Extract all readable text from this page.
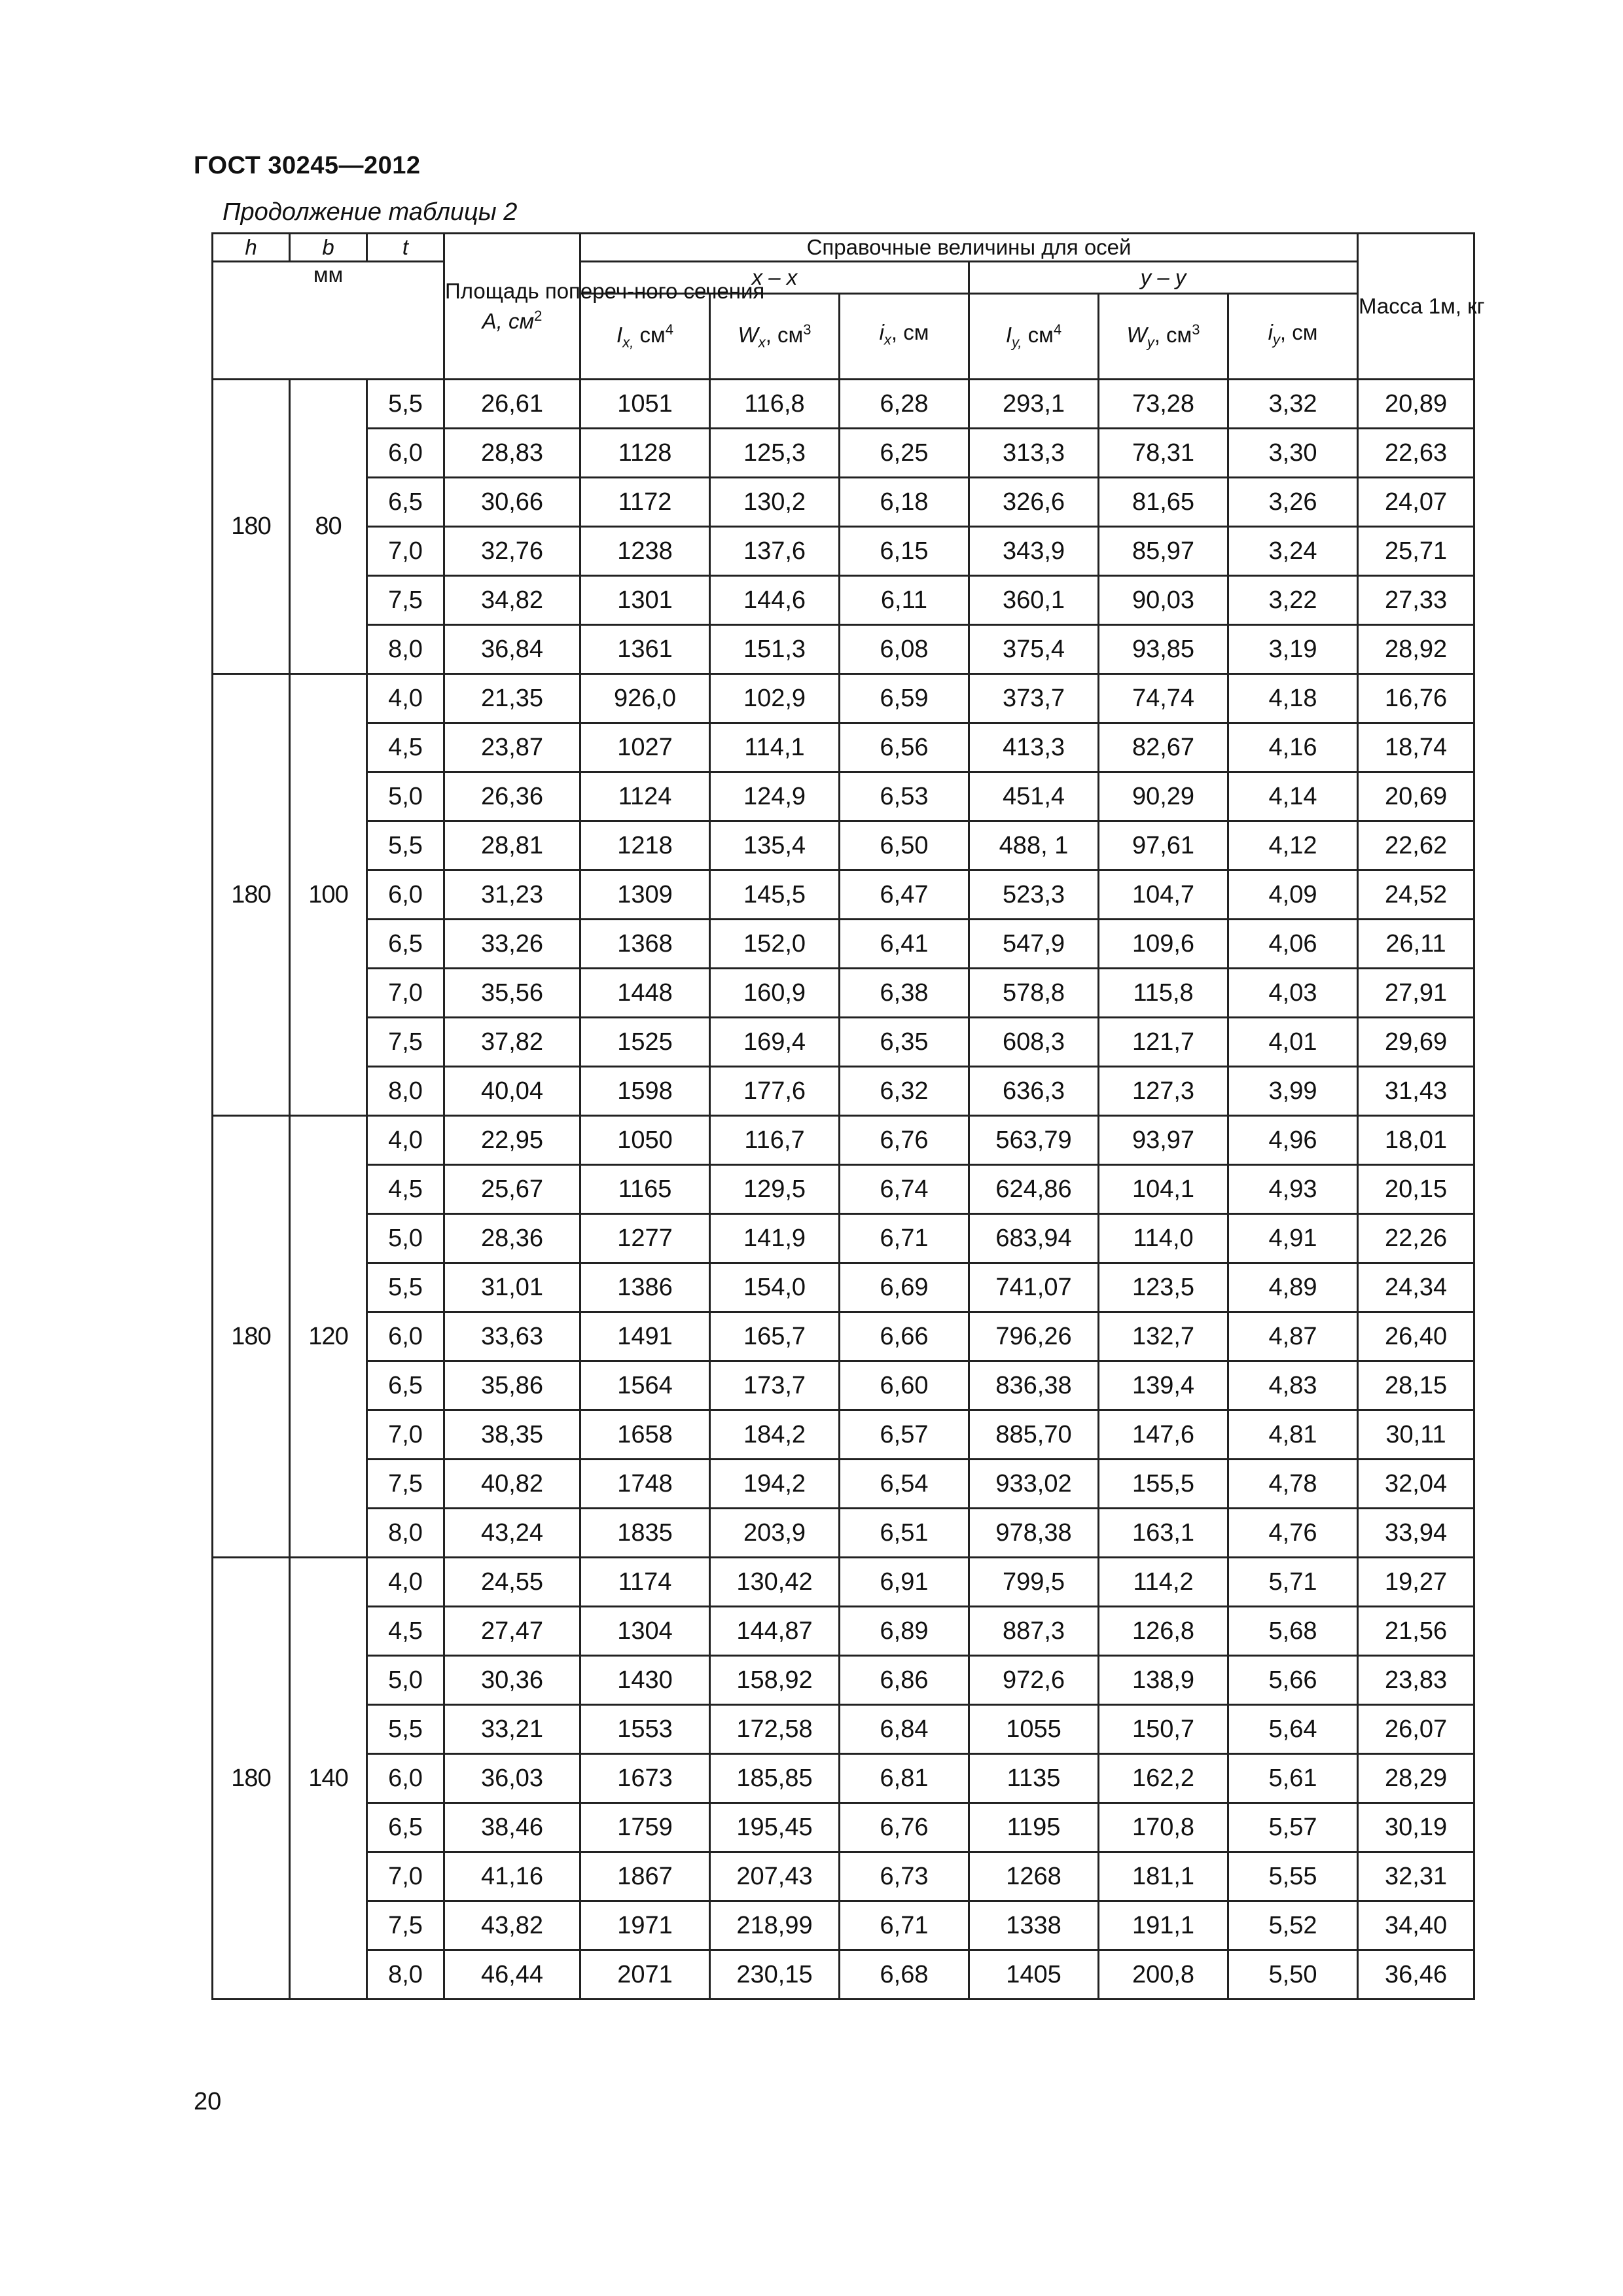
ГОСТ 30245—2012
Продолжение таблицы 2
h	b	t	Площадь попереч-ного сечения
А, $см^2$	Справочные величины для осей						Масса 1м, кг
мм				x – x			y – y			
				$I_{x,}$ $см^4$	$W_x$, $см^3$	$i_x$, см	$I_{y,}$ $см^4$	$W_y$, $см^3$	$i_y$, см	
180	80	5,5	26,61	1051	116,8	6,28	293,1	73,28	3,32	20,89
		6,0	28,83	1128	125,3	6,25	313,3	78,31	3,30	22,63
		6,5	30,66	1172	130,2	6,18	326,6	81,65	3,26	24,07
		7,0	32,76	1238	137,6	6,15	343,9	85,97	3,24	25,71
		7,5	34,82	1301	144,6	6,11	360,1	90,03	3,22	27,33
		8,0	36,84	1361	151,3	6,08	375,4	93,85	3,19	28,92
180	100	4,0	21,35	926,0	102,9	6,59	373,7	74,74	4,18	16,76
		4,5	23,87	1027	114,1	6,56	413,3	82,67	4,16	18,74
		5,0	26,36	1124	124,9	6,53	451,4	90,29	4,14	20,69
		5,5	28,81	1218	135,4	6,50	488, 1	97,61	4,12	22,62
		6,0	31,23	1309	145,5	6,47	523,3	104,7	4,09	24,52
		6,5	33,26	1368	152,0	6,41	547,9	109,6	4,06	26,11
		7,0	35,56	1448	160,9	6,38	578,8	115,8	4,03	27,91
		7,5	37,82	1525	169,4	6,35	608,3	121,7	4,01	29,69
		8,0	40,04	1598	177,6	6,32	636,3	127,3	3,99	31,43
180	120	4,0	22,95	1050	116,7	6,76	563,79	93,97	4,96	18,01
		4,5	25,67	1165	129,5	6,74	624,86	104,1	4,93	20,15
		5,0	28,36	1277	141,9	6,71	683,94	114,0	4,91	22,26
		5,5	31,01	1386	154,0	6,69	741,07	123,5	4,89	24,34
		6,0	33,63	1491	165,7	6,66	796,26	132,7	4,87	26,40
		6,5	35,86	1564	173,7	6,60	836,38	139,4	4,83	28,15
		7,0	38,35	1658	184,2	6,57	885,70	147,6	4,81	30,11
		7,5	40,82	1748	194,2	6,54	933,02	155,5	4,78	32,04
		8,0	43,24	1835	203,9	6,51	978,38	163,1	4,76	33,94
180	140	4,0	24,55	1174	130,42	6,91	799,5	114,2	5,71	19,27
		4,5	27,47	1304	144,87	6,89	887,3	126,8	5,68	21,56
		5,0	30,36	1430	158,92	6,86	972,6	138,9	5,66	23,83
		5,5	33,21	1553	172,58	6,84	1055	150,7	5,64	26,07
		6,0	36,03	1673	185,85	6,81	1135	162,2	5,61	28,29
		6,5	38,46	1759	195,45	6,76	1195	170,8	5,57	30,19
		7,0	41,16	1867	207,43	6,73	1268	181,1	5,55	32,31
		7,5	43,82	1971	218,99	6,71	1338	191,1	5,52	34,40
		8,0	46,44	2071	230,15	6,68	1405	200,8	5,50	36,46
20
